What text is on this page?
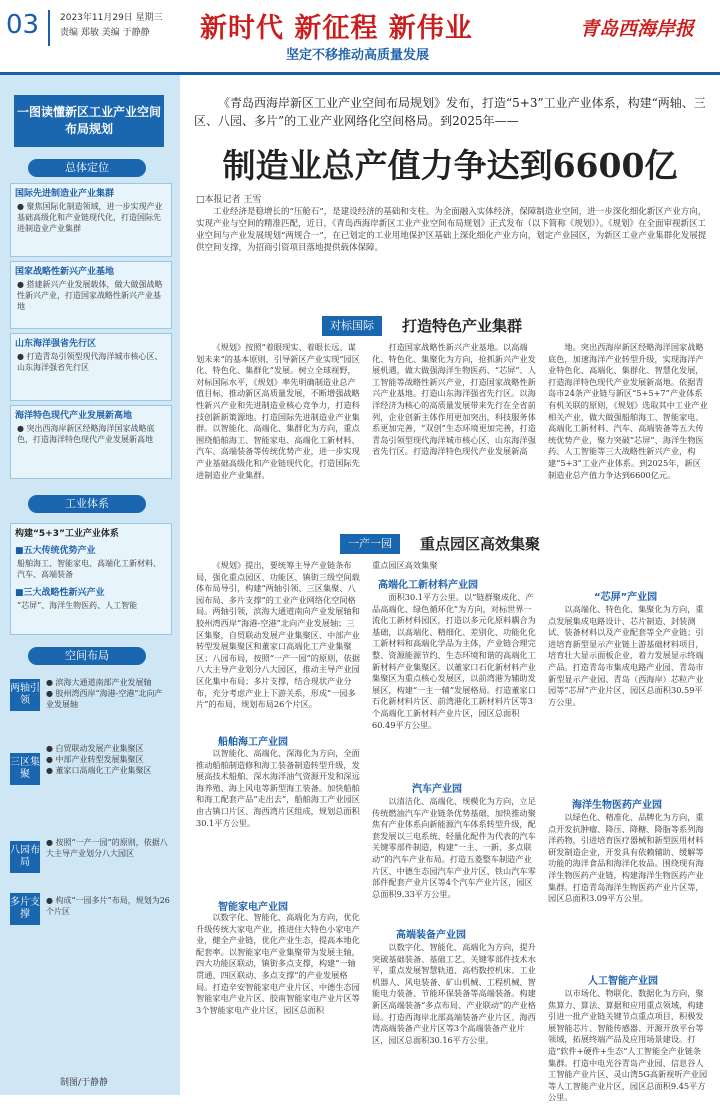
03	2023年11月29日 星期三
责编 郑敏 美编 于静静 新时代 新征程 新伟业
坚定不移推动高质量发展
青岛西海岸报
一图读懂新区工业产业空间布局规划
总体定位
国际先进制造业产业集群
● 聚焦国际化制造领域，进一步实现产业基础高级化和产业链现代化，打造国际先进制造业产业集群
国家战略性新兴产业基地
● 搭建新兴产业发展载体，做大做强战略性新兴产业，打造国家战略性新兴产业基地
山东海洋强省先行区
● 打造青岛引领型现代海洋城市核心区、山东海洋强省先行区
海洋特色现代产业发展新高地
● 突出西海岸新区经略海洋国家战略底色，打造海洋特色现代产业发展新高地
工业体系
构建“5+3”工业产业体系
■五大传统优势产业
船舶海工、智能家电、高端化工新材料、汽车、高端装备
■三大战略性新兴产业
“芯屏”、海洋生物医药、人工智能
空间布局
两轴引领
● 滨海大通道南部产业发展轴
● 胶州湾西岸“海港-空港”北向产业发展轴
三区集聚
● 白贸联动发展产业集聚区
● 中部产业转型发展集聚区
● 董家口高端化工产业集聚区
八园布局
● 按照“一产一园”的原则，依据八大主导产业划分八大园区
多片支撑
● 构成“一园多片”布局，规划为26个片区
制图/于静静
《青岛西海岸新区工业产业空间布局规划》发布，打造“5+3”工业产业体系，构建“两轴、三区、八园、多片”的工业产业网络化空间格局。到2025年——
制造业总产值力争达到6600亿
□本报记者 王雪
工业经济是稳增长的“压舱石”，是建设经济的基础和支柱。为全面融入实体经济，保障制造业空间，进一步深化细化新区产业方向，实现产业与空间的精准匹配，近日，《青岛西海岸新区工业产业空间布局规划》正式发布（以下简称《规划》）。《规划》在全面审视新区工业空间与产业发展规划“两规合一”，在已划定的工业用地保护区基础上深化细化产业方向，划定产业园区，为新区工业产业集群化发展提供空间支撑，为招商引资项目落地提供载体保障。
对标国际	打造特色产业集群
《规划》按照“着眼现实、着眼长远、谋划未来”的基本原则，引导新区产业实现“园区化、特色化、集群化”发展。树立全球视野，对标国际水平，《规划》率先明确制造业总产值目标，推动新区高质量发展，不断增强战略性新兴产业和先进制造业核心竞争力，打造科技创新新策源地。打造国际先进制造业产业集群。以智能化、高端化、集群化为方向，重点围绕船舶海工、智能家电、高端化工新材料、汽车、高端装备等传统优势产业，进一步实现产业基础高级化和产业链现代化，打造国际先进制造业产业集群。
打造国家战略性新兴产业基地。以高端化、特色化、集聚化为方向，抢抓新兴产业发展机遇，做大做强海洋生物医药、“芯屏”、人工智能等战略性新兴产业，打造国家战略性新兴产业基地。打造山东海洋强省先行区。以海洋经济为核心的高质量发展带来先行在全省前列，企业创新主体作用更加突出，科技服务体系更加完善，“双创”生态环境更加完善，打造青岛引领型现代海洋城市核心区、山东海洋强省先行区。打造海洋特色现代产业发展新高
地。突出西海岸新区经略海洋国家战略底色，加速海洋产业转型升级，实现海洋产业特色化、高端化、集群化、智慧化发展，打造海洋特色现代产业发展新高地。依据青岛市24条产业链与新区“5+5+7”产业体系有机关联的原则，《规划》选取其中工业产业相关产业，做大做强船舶海工、智能家电、高端化工新材料、汽车、高端装备等五大传统优势产业，聚力突破“芯屏”、海洋生物医药、人工智能等三大战略性新兴产业，构建“5+3”工业产业体系。到2025年，新区制造业总产值力争达到6600亿元。
一产一园	重点园区高效集聚
《规划》提出，要统筹主导产业链条布局，强化重点园区、功能区、镇街三级空间载体布局导引，构建“两轴引领、三区集聚、八园布局、多片支撑”的工业产业网络化空间格局。两轴引领，滨海大通道南向产业发展轴和胶州湾西岸“海港-空港”北向产业发展轴；三区集聚，自贸联动发展产业集聚区、中部产业转型发展集聚区和董家口高端化工产业集聚区；八园布局，按照“一产一园”的原则，依据八大主导产业划分八大园区，推动主导产业园区化集中布局；多片支撑，结合现状产业分布，充分考虑产业上下游关系，形成“一园多片”的布局，规划布局26个片区。
船舶海工产业园
以智能化、高端化、深海化为方向，全面推动船舶制造修和海工装备制造转型升级，发展高技术船舶、深水海洋油气资源开发和深远海养殖、海上风电等新型海工装备。加快船舶和海工配套产品“走出去”，船舶海工产业园区由古镇口片区、海西湾片区组成，规划总面积30.1平方公里。
智能家电产业园
以数字化、智能化、高端化为方向，优化升级传统大家电产业，推进住大特色小家电产业，健全产业链，优化产业生态，提高本地化配套率。以智能家电产业集聚带为发展主轴，四大功能区联动，镇街多点支撑，构建“一轴贯通、四区联动、多点支撑”的产业发展格局。打造辛安智能家电产业片区、中德生态园智能家电产业片区、胶南智能家电产业片区等3个智能家电产业片区，园区总面积
重点园区高效集聚
高端化工新材料产业园
面积30.1平方公里。以“链群聚成化、产品高端化、绿色循环化”为方向，对标世界一流化工新材料园区，打造以多元化原料耦合为基础，以高端化、精细化、差别化、功能化化工新材料和高端化学品为主体，产业链合理完整、资源能源节约、生态环境和谐的高端化工新材料产业集聚区。以董家口石化新材料产业集聚区为重点核心发展区，以前湾港为辅助发展区，构建“一主一辅”发展格局。打造董家口石化新材料片区、前湾港化工新材料片区等3个高端化工新材料产业片区，园区总面积60.49平方公里。
汽车产业园
以清洁化、高端化、规模化为方向，立足传统燃油汽车产业链条优势基础，加快推动聚焦有产业体系向新能源汽车体系转型升级，配套发展以三电系统、轻量化配件为代表的汽车关键零部件制造，构建“一主、一新、多点联动”的汽车产业布局。打造五菱整车制造产业片区、中德生态园汽车产业片区、铁山汽车零部件配套产业片区等4个汽车产业片区，园区总面积9.33平方公里。
高端装备产业园
以数字化、智能化、高端化为方向，提升突破基础装备、基础工艺、关键零部件技术水平，重点发展智慧轨道、高档数控机床、工业机器人、风电装备、矿山机械、工程机械、智能电力装备、节能环保装备等高端装备。构建新区高端装备“多点布局、产业联动”的产业格局。打造西海岸北部高端装备产业片区、海西湾高端装备产业片区等3个高端装备产业片区，园区总面积30.16平方公里。
“芯屏”产业园
以高端化、特色化、集聚化为方向，重点发展集成电路设计、芯片制造、封装测试、装备材料以及产业配套等全产业链；引进培育新型显示产业链上游基础材料项目，培育壮大显示面板企业，着力发展显示终端产品。打造青岛市集成电路产业园、青岛市新型显示产业园、青岛（西海岸）芯粒产业园等“芯屏”产业片区，园区总面积30.59平方公里。
海洋生物医药产业园
以绿色化、精准化、品牌化为方向，重点开发抗肿瘤、降压、降糖、降脂等系列海洋药物，引进培育医疗器械和新型医用材料研发制造企业，开发具有依赖辅助、缓解等功能的海洋食品和海洋化妆品。围绕现有海洋生物医药产业链，构建海洋生物医药产业集群。打造青岛海洋生物医药产业片区等，园区总面积3.09平方公里。
人工智能产业园
以市场化、物联化、数据化为方向，聚焦算力、算法、算据和应用重点领域，构建引进一批产业链关键节点重点项目，积极发展智能芯片、智能传感器、开源开放平台等领域，拓展终端产品及应用场景建设。打造“软件+硬件+生态”人工智能全产业链条集群。打造中电光谷青岛产业园、信息谷人工智能产业片区、灵山湾5G高新视听产业园等人工智能产业片区，园区总面积9.45平方公里。
